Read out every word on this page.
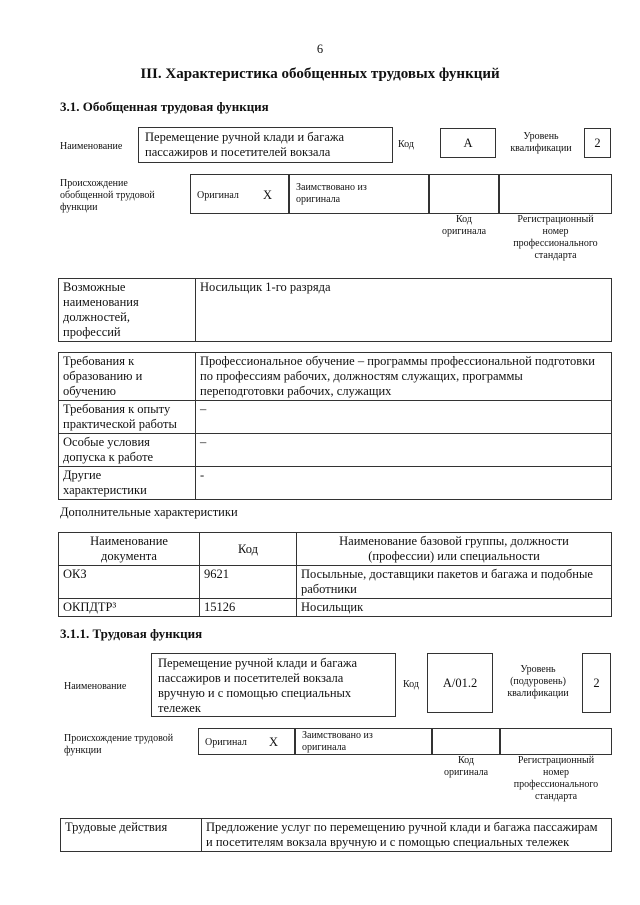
6
III. Характеристика обобщенных трудовых функций
3.1. Обобщенная трудовая функция
Наименование
Перемещение ручной клади и багажа
пассажиров и посетителей вокзала
Код	А	Уровень
квалификации	2
Происхождение
обобщенной трудовой
функции
Оригинал X
Заимствовано из
оригинала
Код
оригинала
Регистрационный
номер
профессионального
стандарта
Возможные
наименования
должностей,
профессий	Носильщик 1-го разряда
Требования к
образованию и
обучению	Профессиональное обучение – программы профессиональной подготовки
по профессиям рабочих, должностям служащих, программы
переподготовки рабочих, служащих
Требования к опыту
практической работы	–
Особые условия
допуска к работе	–
Другие
характеристики	-
Дополнительные характеристики
Наименование
документа	Код	Наименование базовой группы, должности
(профессии) или специальности
ОКЗ	9621	Посыльные, доставщики пакетов и багажа и подобные
работники
ОКПДТР³	15126	Носильщик
3.1.1. Трудовая функция
Наименование
Перемещение ручной клади и багажа
пассажиров и посетителей вокзала
вручную и с помощью специальных
тележек
Код	А/01.2
Уровень
(подуровень)
квалификации
2
Происхождение трудовой
функции
Оригинал X	Заимствовано из
оригинала
Код
оригинала
Регистрационный
номер
профессионального
стандарта
Трудовые действия	Предложение услуг по перемещению ручной клади и багажа пассажирам
и посетителям вокзала вручную и с помощью специальных тележек
